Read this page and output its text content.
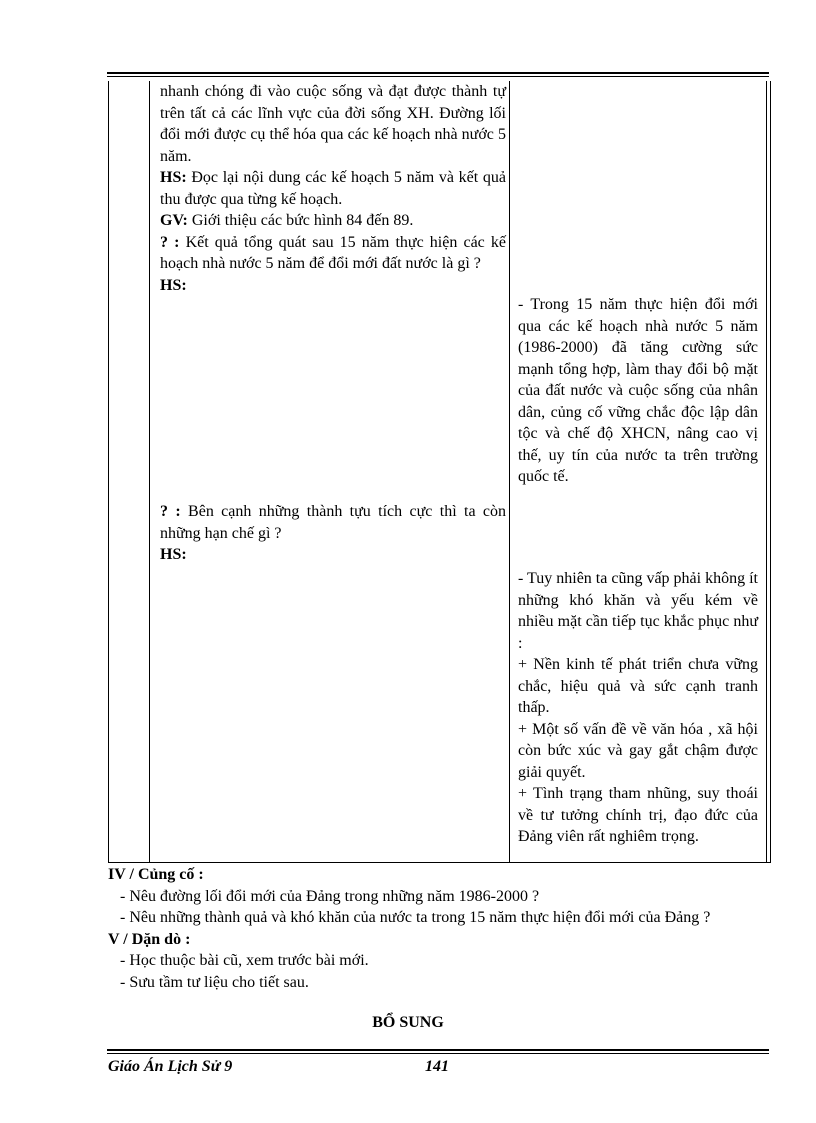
nhanh chóng đi vào cuộc sống và đạt được thành tự trên tất cả các lĩnh vực của đời sống XH. Đường lối đổi mới được cụ thể hóa qua các kế hoạch nhà nước 5 năm.

HS: Đọc lại nội dung các kế hoạch 5 năm và kết quả thu được qua từng kế hoạch.

GV: Giới thiệu các bức hình 84 đến 89.

? : Kết quả tổng quát sau 15 năm thực hiện các kế hoạch nhà nước 5 năm để đổi mới đất nước là gì ?

HS:

? : Bên cạnh những thành tựu tích cực thì ta còn những hạn chế gì ?

HS:

- Trong 15 năm thực hiện đổi mới qua các kế hoạch nhà nước 5 năm (1986-2000) đã tăng cường sức mạnh tổng hợp, làm thay đổi bộ mặt của đất nước và cuộc sống của nhân dân, củng cố vững chắc độc lập dân tộc và chế độ XHCN, nâng cao vị thế, uy tín của nước ta trên trường quốc tế.

- Tuy nhiên ta cũng vấp phải không ít những khó khăn và yếu kém về nhiều mặt cần tiếp tục khắc phục như :

+ Nền kinh tế phát triển chưa vững chắc, hiệu quả và sức cạnh tranh thấp.

+ Một số vấn đề về văn hóa , xã hội còn bức xúc và gay gắt chậm được giải quyết.

+ Tình trạng tham nhũng, suy thoái về tư tưởng chính trị, đạo đức của Đảng viên rất nghiêm trọng.

IV / Củng cố :

- Nêu đường lối đổi mới của Đảng trong những năm 1986-2000 ?

- Nêu những thành quả và khó khăn của nước ta trong 15 năm thực hiện đổi mới của Đảng ?

V / Dặn dò :

- Học thuộc bài cũ, xem trước bài mới.

- Sưu tầm tư liệu cho tiết sau.

BỔ SUNG
Giáo Án Lịch Sử 9	141
